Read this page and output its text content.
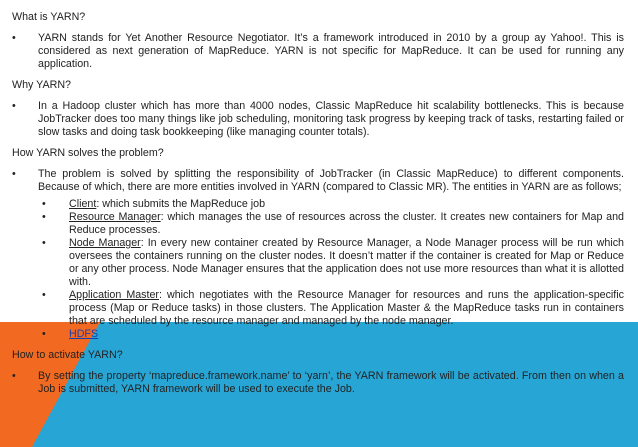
What is YARN?

• YARN stands for Yet Another Resource Negotiator. It’s a framework introduced in 2010 by a group ay Yahoo!. This is considered as next generation of MapReduce. YARN is not specific for MapReduce. It can be used for running any application.

Why YARN?

• In a Hadoop cluster which has more than 4000 nodes, Classic MapReduce hit scalability bottlenecks. This is because JobTracker does too many things like job scheduling, monitoring task progress by keeping track of tasks, restarting failed or slow tasks and doing task bookkeeping (like managing counter totals).

How YARN solves the problem?

• The problem is solved by splitting the responsibility of JobTracker (in Classic MapReduce) to different components. Because of which, there are more entities involved in YARN (compared to Classic MR). The entities in YARN are as follows;

• Client: which submits the MapReduce job

• Resource Manager: which manages the use of resources across the cluster. It creates new containers for Map and Reduce processes.

• Node Manager: In every new container created by Resource Manager, a Node Manager process will be run which oversees the containers running on the cluster nodes. It doesn’t matter if the container is created for Map or Reduce or any other process. Node Manager ensures that the application does not use more resources than what it is allotted with.

• Application Master: which negotiates with the Resource Manager for resources and runs the application-specific process (Map or Reduce tasks) in those clusters. The Application Master & the MapReduce tasks run in containers that are scheduled by the resource manager and managed by the node manager.

• HDFS

How to activate YARN?

• By setting the property ‘mapreduce.framework.name’ to ‘yarn’, the YARN framework will be activated. From then on when a Job is submitted, YARN framework will be used to execute the Job.
